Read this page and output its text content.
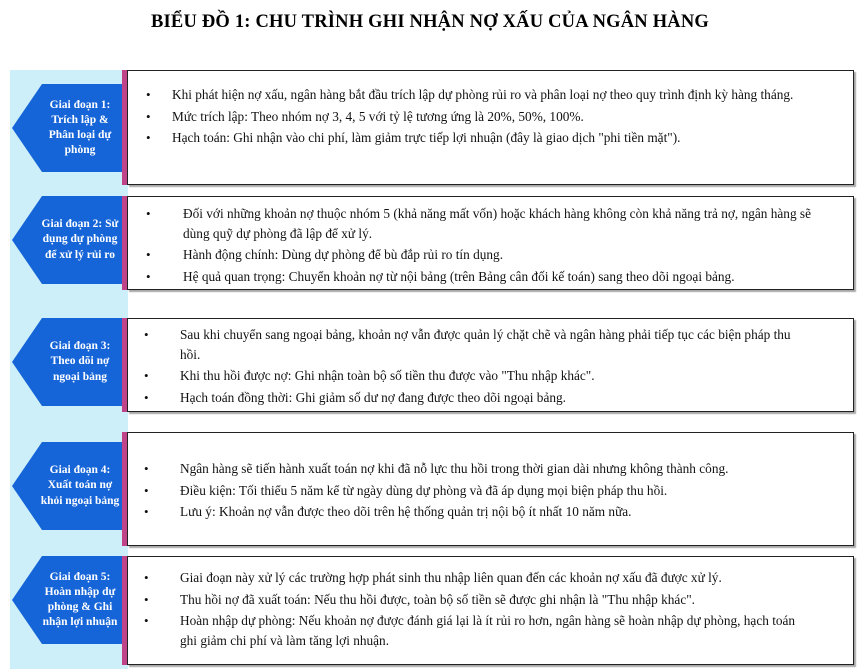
BIỂU ĐỒ 1: CHU TRÌNH GHI NHẬN NỢ XẤU CỦA NGÂN HÀNG
Giai đoạn 1: Trích lập & Phân loại dự phòng
• Khi phát hiện nợ xấu, ngân hàng bắt đầu trích lập dự phòng rủi ro và phân loại nợ theo quy trình định kỳ hàng tháng.
• Mức trích lập: Theo nhóm nợ 3, 4, 5 với tỷ lệ tương ứng là 20%, 50%, 100%.
• Hạch toán: Ghi nhận vào chi phí, làm giảm trực tiếp lợi nhuận (đây là giao dịch "phi tiền mặt").
Giai đoạn 2: Sử dụng dự phòng để xử lý rủi ro
• Đối với những khoản nợ thuộc nhóm 5 (khả năng mất vốn) hoặc khách hàng không còn khả năng trả nợ, ngân hàng sẽ dùng quỹ dự phòng đã lập để xử lý.
• Hành động chính: Dùng dự phòng để bù đắp rủi ro tín dụng.
• Hệ quả quan trọng: Chuyển khoản nợ từ nội bảng (trên Bảng cân đối kế toán) sang theo dõi ngoại bảng.
Giai đoạn 3: Theo dõi nợ ngoại bảng
• Sau khi chuyển sang ngoại bảng, khoản nợ vẫn được quản lý chặt chẽ và ngân hàng phải tiếp tục các biện pháp thu hồi.
• Khi thu hồi được nợ: Ghi nhận toàn bộ số tiền thu được vào "Thu nhập khác".
• Hạch toán đồng thời: Ghi giảm số dư nợ đang được theo dõi ngoại bảng.
Giai đoạn 4: Xuất toán nợ khỏi ngoại bảng
• Ngân hàng sẽ tiến hành xuất toán nợ khi đã nỗ lực thu hồi trong thời gian dài nhưng không thành công.
• Điều kiện: Tối thiểu 5 năm kể từ ngày dùng dự phòng và đã áp dụng mọi biện pháp thu hồi.
• Lưu ý: Khoản nợ vẫn được theo dõi trên hệ thống quản trị nội bộ ít nhất 10 năm nữa.
Giai đoạn 5: Hoàn nhập dự phòng & Ghi nhận lợi nhuận
• Giai đoạn này xử lý các trường hợp phát sinh thu nhập liên quan đến các khoản nợ xấu đã được xử lý.
• Thu hồi nợ đã xuất toán: Nếu thu hồi được, toàn bộ số tiền sẽ được ghi nhận là "Thu nhập khác".
• Hoàn nhập dự phòng: Nếu khoản nợ được đánh giá lại là ít rủi ro hơn, ngân hàng sẽ hoàn nhập dự phòng, hạch toán ghi giảm chi phí và làm tăng lợi nhuận.
